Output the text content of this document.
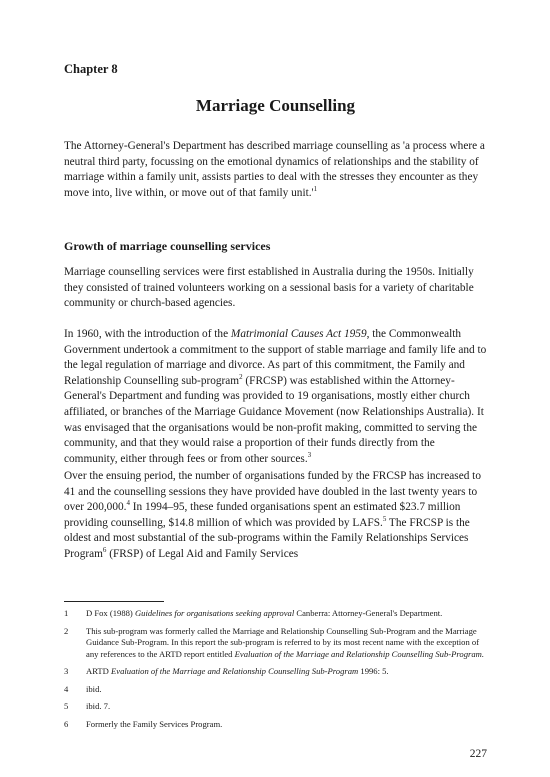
Chapter 8
Marriage Counselling

The Attorney-General's Department has described marriage counselling as 'a process where a neutral third party, focussing on the emotional dynamics of relationships and the stability of marriage within a family unit, assists parties to deal with the stresses they encounter as they move into, live within, or move out of that family $unit.'^1$

Growth of marriage counselling services

Marriage counselling services were first established in Australia during the 1950s. Initially they consisted of trained volunteers working on a sessional basis for a variety of charitable community or church-based agencies.

In 1960, with the introduction of the Matrimonial Causes Act 1959, the Commonwealth Government undertook a commitment to the support of stable marriage and family life and to the legal regulation of marriage and divorce. As part of this commitment, the Family and Relationship Counselling sub-program$^2$ (FRCSP) was established within the Attorney-General's Department and funding was provided to 19 organisations, mostly either church affiliated, or branches of the Marriage Guidance Movement (now Relationships Australia). It was envisaged that the organisations would be non-profit making, committed to serving the community, and that they would raise a proportion of their funds directly from the community, either through fees or from other sources.$^3$

Over the ensuing period, the number of organisations funded by the FRCSP has increased to 41 and the counselling sessions they have provided have doubled in the last twenty years to over 200,000.$^4$ In 1994–95, these funded organisations spent an estimated $23.7 million providing counselling, $14.8 million of which was provided by LAFS.$^5$ The FRCSP is the oldest and most substantial of the sub-programs within the Family Relationships Services Program$^6$ (FRSP) of Legal Aid and Family Services

1	D Fox (1988) Guidelines for organisations seeking approval Canberra: Attorney-General's Department.
2	This sub-program was formerly called the Marriage and Relationship Counselling Sub-Program and the Marriage Guidance Sub-Program. In this report the sub-program is referred to by its most recent name with the exception of any references to the ARTD report entitled Evaluation of the Marriage and Relationship Counselling Sub-Program.
3	ARTD Evaluation of the Marriage and Relationship Counselling Sub-Program 1996: 5.
4	ibid.
5	ibid. 7.
6	Formerly the Family Services Program.
227
